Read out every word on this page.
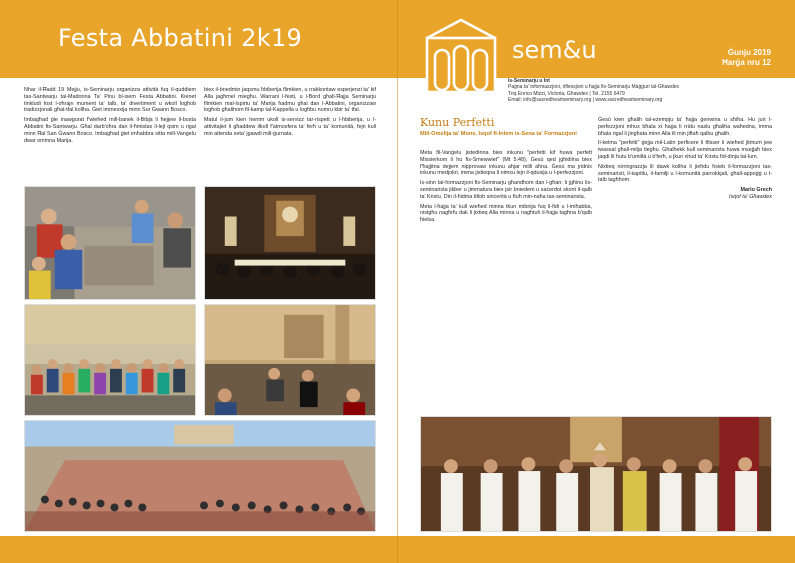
Festa Abbatini 2k19	sem&u	Ġunju 2019
Ħarġa nru 12
Is-Seminarju u Int
Paġna ta' informazzjoni, riflessjoni u ħajja fis-Seminarju Maġġuri tal-Għawdex
Triq Enrico Mizzi, Victoria, Għawdex | Tel. 2155 6479
Email: info@sacredheartseminary.org | www.sacredheartseminary.org

Nhar il-Ħadd 19 Mejju, is-Seminarju organizza attività fuq il-quddiem tas-Santwarju tal-Madonna Ta' Pinu bl-isem Festa Abbatini. Kienet tinkludi fost l-oħrajn mument ta' talb, ta' divertiment u wkoll logħob tradizzjonali għat-tfal kollha. Ġiet immexxija minn Sur Ġwann Bosco.

Imbagħad ġie inawgurat f'wieħed mill-banek il-Bibja li ħejjew il-bosta Abbatini fis-Santwarju. Għal darb'oħra dan il-ħmistax il-lejl qsim u rigal minn Ħal San Ġwann Bosco. Imbagħad ġiet imħabbra sitta mill-Vanġelu dwar ommna Marija.

biex il-bnedmin jaqsmu ħbiberija flimkien, u rrakkontaw esperjenzi ta' kif Alla jagħmel miegħu. Warrani l-festi, u l-Bord għall-Ħajja Seminarju flimkien mal-Ispirtu ta' Marija ħadmu għal dan l-Abbatini, organizzaw logħob għalihom fil-kamp tal-Kappella u logħbu numru kbir ta' tfal.

Matul il-jum kien hemm ukoll is-servizz tar-rispett u l-ħbiberija, u l-attivitajiet li għaddew ilkoll f'atmosfera ta' ferħ u ta' komunità, fejn kull min attenda seta' jgawdi mill-ġurnata.

Kunu Perfetti
Mill-Omelija ta' Mons. Isqof fl-Inlem is-Sena ta' Formazzjoni

Meta fil-Vanġelu jistedinna biex inkunu "perfetti kif huwa perfett Missierkom li hu fis-Smewwiet" (Mt 5:48), Ġesù qed jgħidilna biex f'ħajjitna dejjem nipprovaw inkunu aħjar milli aħna. Ġesù ma jridnix inkunu medjokri, imma jixtieqna li nimxu lejn il-qdusija u l-perfezzjoni.

Is-sinn tal-formazzjoni fis-Seminarju għandhom dan l-għan: li jgħinu lis-seminarista jikber u jimmatura biex jsir bniedem u saċerdot skont il-qalb ta' Kristu. Din il-ħidma titlob sinċerità u ftuħ min-naħa tas-seminarista.

Meta l-ħajja ta' kull wieħed minna tkun mibnija fuq il-fidi u l-imħabba, nistgħu nagħrfu dak li jixtieq Alla minna u nagħtuh il-ħajja tagħna b'qalb ħielsa.

Ġesù kien għalih tal-eżempju ta' ħajja ġenwina u sħiħa. Hu juri l-perfezzjoni mhux bħala xi ħaġa li rridu naslu għaliha waħedna, imma bħala rigal li jingħata minn Alla lil min jiftaħ qalbu għalih.

Il-kelma "perfetti" ġejja mil-Latin perficere li tfisser li wieħed jitmum jew iwassal għall-milja tiegħu. Għalhekk kull seminarista huwa msejjaħ biex jaqdi lil ħutu b'umiltà u b'ferħ, u jkun xhud ta' Kristu fid-dinja tal-lum.

Nixtieq nirringrazzja lil dawk kollha li jieħdu ħsieb il-formazzjoni tas-seminaristi, il-kapitlu, il-familji u l-komunità parrokkjali, għall-appoġġ u t-talb tagħhom.

Mario Grech
Isqof ta' Għawdex
